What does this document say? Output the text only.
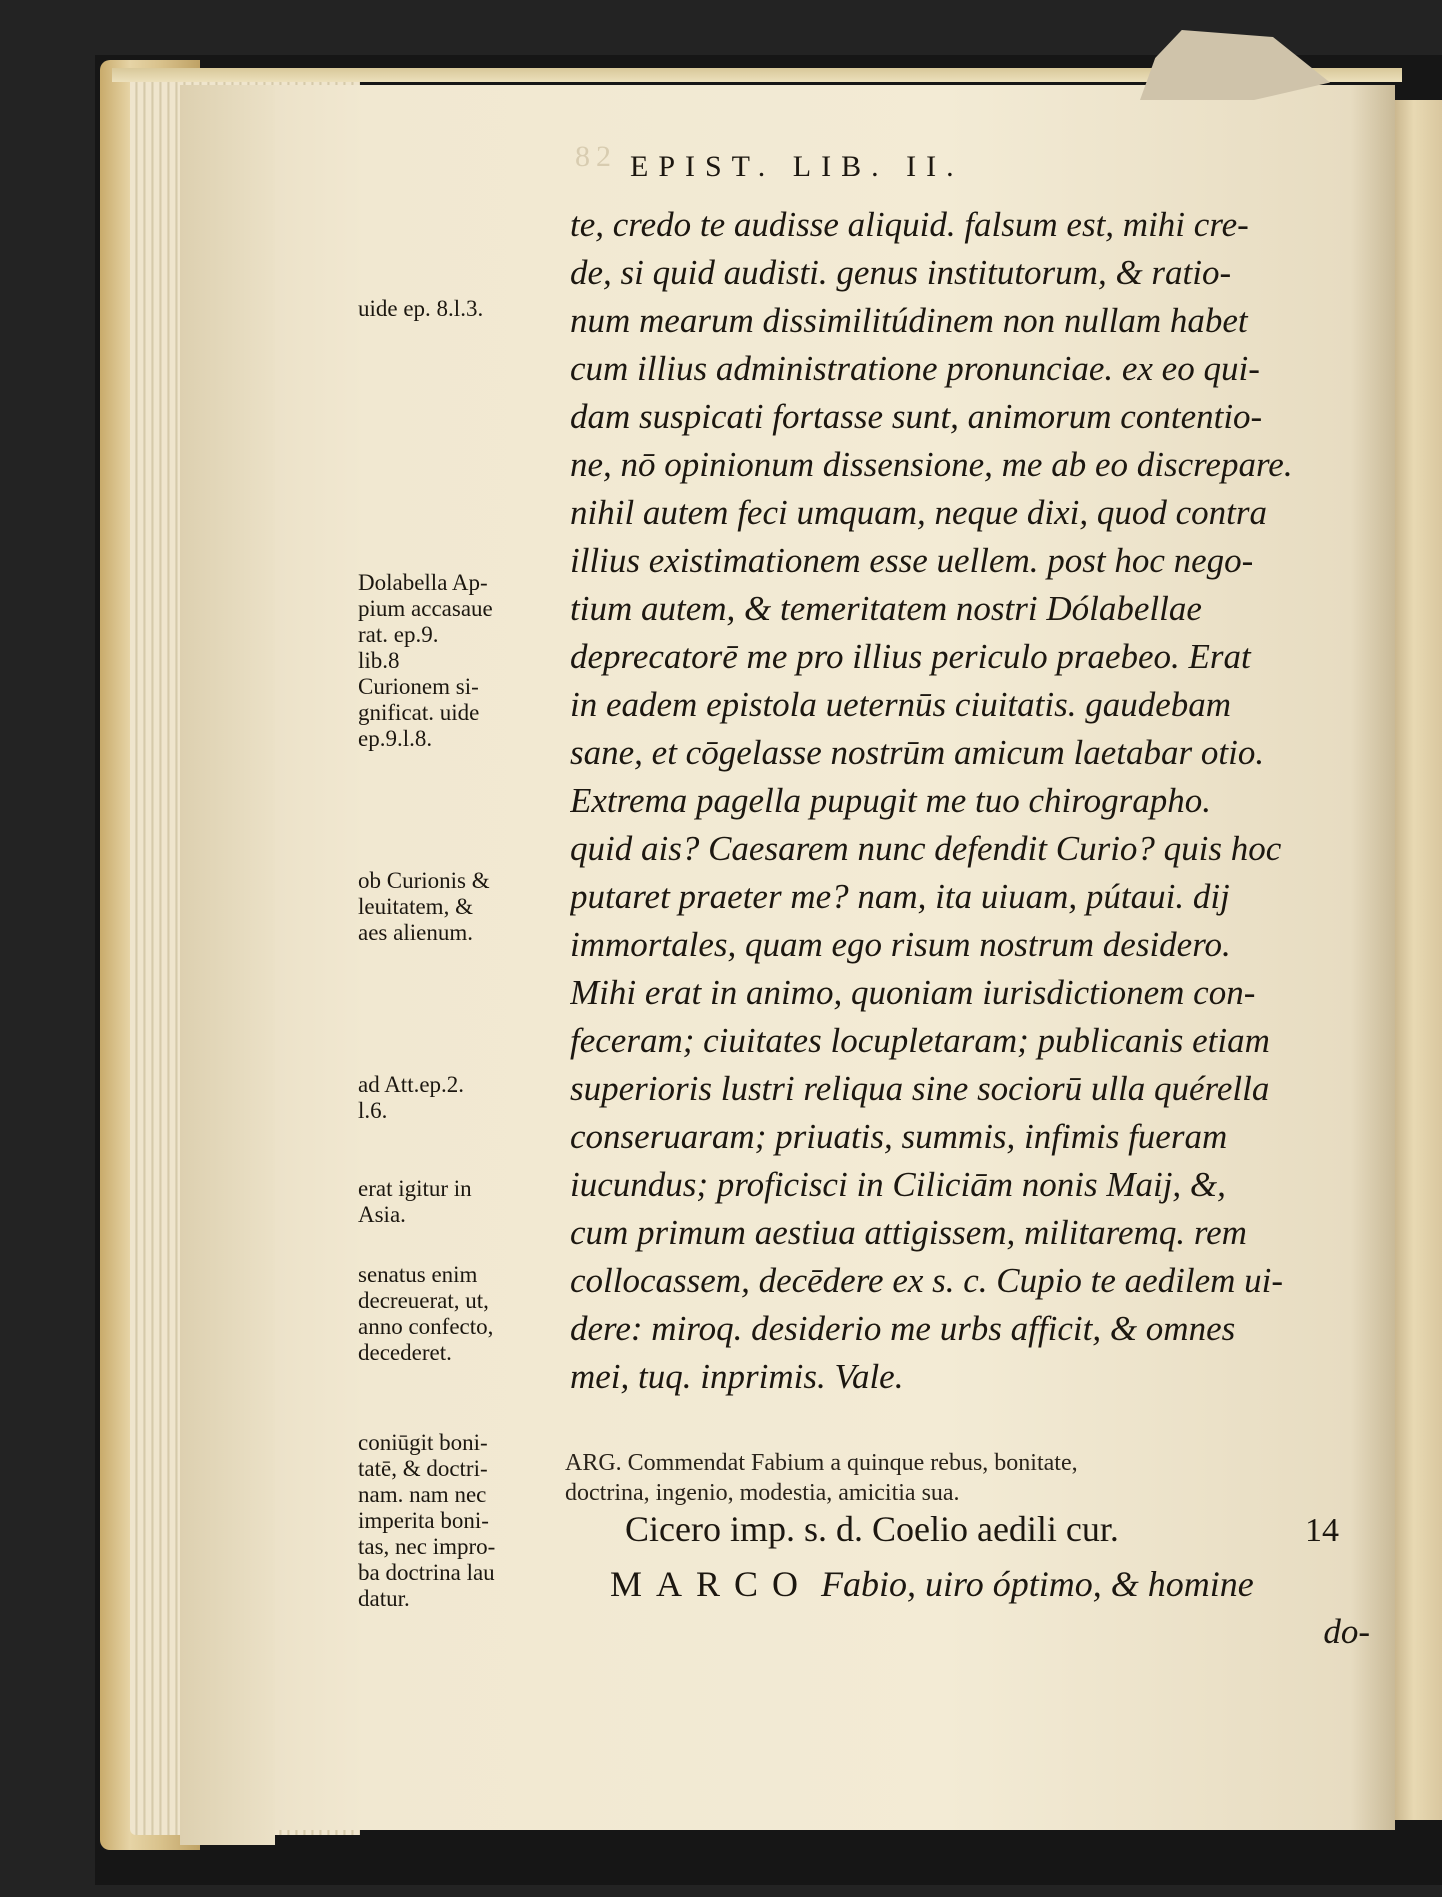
82 EPIST. LIB. II.
te, credo te audisse aliquid. falsum est, mihi cre-
de, si quid audisti. genus institutorum, & ratio-
num mearum dissimilitúdinem non nullam habet
cum illius administratione pronunciae. ex eo qui-
dam suspicati fortasse sunt, animorum contentio-
ne, nō opinionum dissensione, me ab eo discrepare.
nihil autem feci umquam, neque dixi, quod contra
illius existimationem esse uellem. post hoc nego-
tium autem, & temeritatem nostri Dólabellae
deprecatorē me pro illius periculo praebeo. Erat
in eadem epistola ueternūs ciuitatis. gaudebam
sane, et cōgelasse nostrūm amicum laetabar otio.
Extrema pagella pupugit me tuo chirographo.
quid ais? Caesarem nunc defendit Curio? quis hoc
putaret praeter me? nam, ita uiuam, pútaui. dij
immortales, quam ego risum nostrum desidero.
Mihi erat in animo, quoniam iurisdictionem con-
feceram; ciuitates locupletaram; publicanis etiam
superioris lustri reliqua sine sociorū ulla quérella
conseruaram; priuatis, summis, infimis fueram
iucundus; proficisci in Ciliciām nonis Maij, &,
cum primum aestiua attigissem, militaremq. rem
collocassem, decēdere ex s. c. Cupio te aedilem ui-
dere: miroq. desiderio me urbs afficit, & omnes
mei, tuq. inprimis. Vale.
uide ep. 8.l.3.
Dolabella Ap-
pium accasaue
rat. ep.9.
lib.8
Curionem si-
gnificat. uide
ep.9.l.8.
ob Curionis &
leuitatem, &
aes alienum.
ad Att.ep.2.
l.6.
erat igitur in
Asia.
senatus enim
decreuerat, ut,
anno confecto,
decederet.
coniūgit boni-
tatē, & doctri-
nam. nam nec
imperita boni-
tas, nec impro-
ba doctrina lau
datur.
ARG. Commendat Fabium a quinque rebus, bonitate,
doctrina, ingenio, modestia, amicitia sua.
Cicero imp. s. d. Coelio aedili cur.	14
MARCO Fabio, uiro óptimo, & homine
do-
